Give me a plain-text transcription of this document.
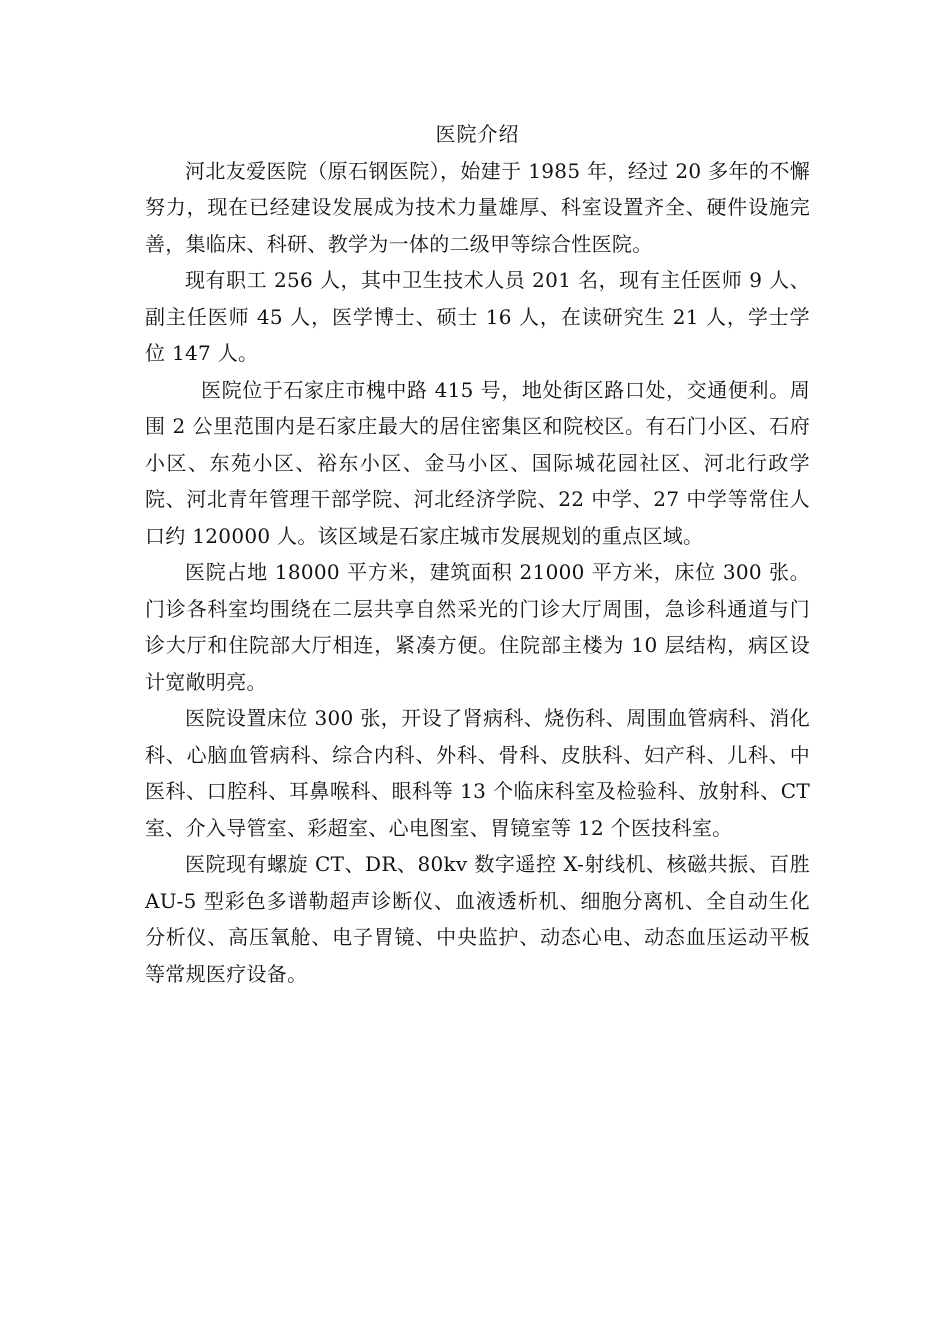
医院介绍

河北友爱医院（原石钢医院），始建于 1985 年，经过 20 多年的不懈努力，现在已经建设发展成为技术力量雄厚、科室设置齐全、硬件设施完善，集临床、科研、教学为一体的二级甲等综合性医院。

现有职工 256 人，其中卫生技术人员 201 名，现有主任医师 9 人、副主任医师 45 人，医学博士、硕士 16 人，在读研究生 21 人，学士学位 147 人。

医院位于石家庄市槐中路 415 号，地处街区路口处，交通便利。周围 2 公里范围内是石家庄最大的居住密集区和院校区。有石门小区、石府小区、东苑小区、裕东小区、金马小区、国际城花园社区、河北行政学院、河北青年管理干部学院、河北经济学院、22 中学、27 中学等常住人口约 120000 人。该区域是石家庄城市发展规划的重点区域。

医院占地 18000 平方米，建筑面积 21000 平方米，床位 300 张。门诊各科室均围绕在二层共享自然采光的门诊大厅周围，急诊科通道与门诊大厅和住院部大厅相连，紧凑方便。住院部主楼为 10 层结构，病区设计宽敞明亮。

医院设置床位 300 张，开设了肾病科、烧伤科、周围血管病科、消化科、心脑血管病科、综合内科、外科、骨科、皮肤科、妇产科、儿科、中医科、口腔科、耳鼻喉科、眼科等 13 个临床科室及检验科、放射科、CT 室、介入导管室、彩超室、心电图室、胃镜室等 12 个医技科室。

医院现有螺旋 CT、DR、80kv 数字遥控 X-射线机、核磁共振、百胜 AU-5 型彩色多谱勒超声诊断仪、血液透析机、细胞分离机、全自动生化分析仪、高压氧舱、电子胃镜、中央监护、动态心电、动态血压运动平板等常规医疗设备。
